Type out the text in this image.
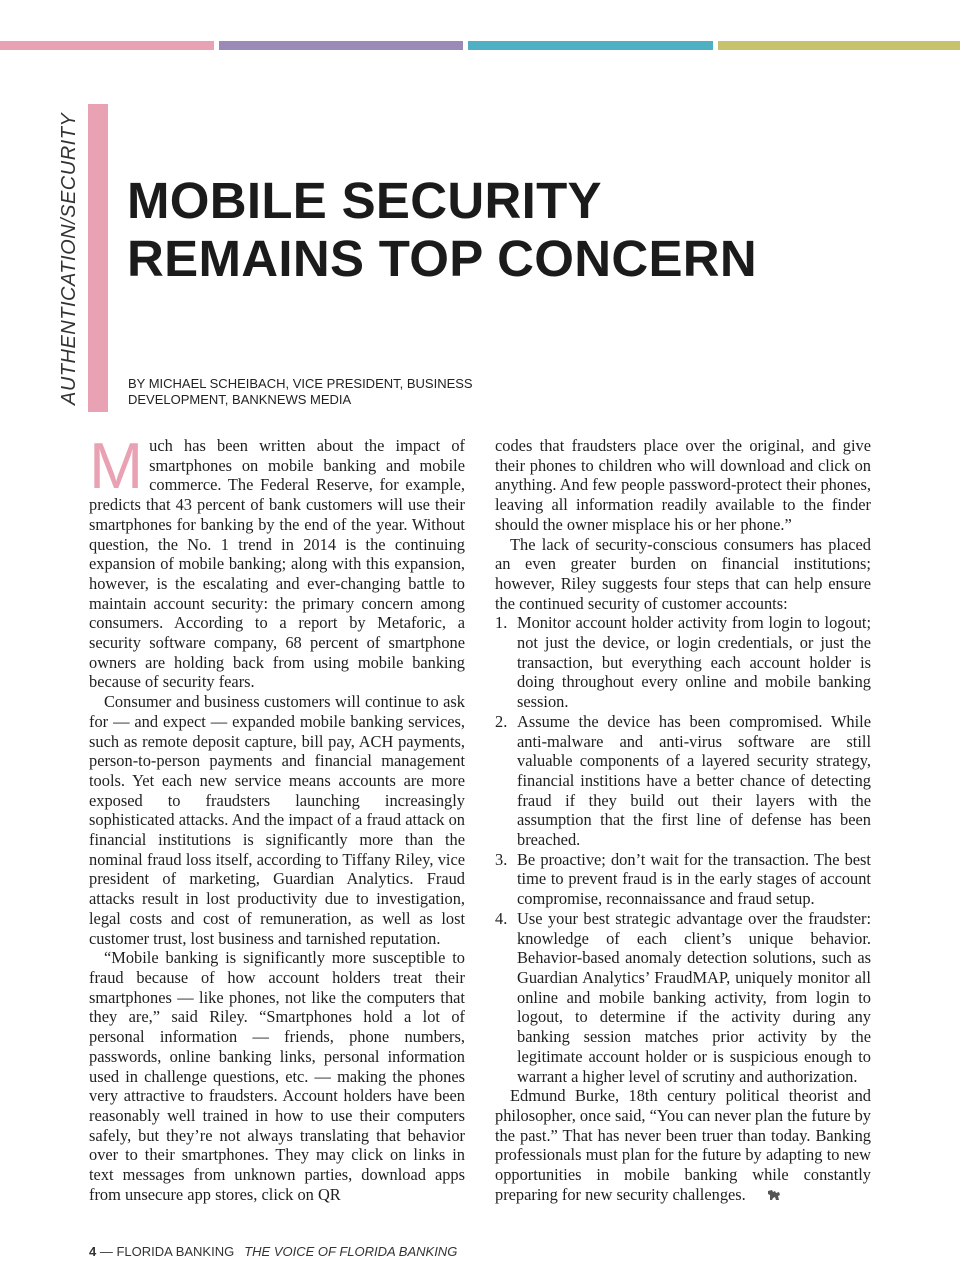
AUTHENTICATION/SECURITY MOBILE SECURITY
REMAINS TOP CONCERN
BY MICHAEL SCHEIBACH, VICE PRESIDENT, BUSINESS
DEVELOPMENT, BANKNEWS MEDIA

Much has been written about the impact of smartphones on mobile banking and mobile commerce. The Federal Reserve, for example, predicts that 43 percent of bank customers will use their smartphones for banking by the end of the year. Without question, the No. 1 trend in 2014 is the continuing expansion of mobile banking; along with this expansion, however, is the escalating and ever-changing battle to maintain account security: the primary concern among consumers. According to a report by Metaforic, a security software company, 68 percent of smartphone owners are holding back from using mobile banking because of security fears.

Consumer and business customers will continue to ask for — and expect — expanded mobile banking services, such as remote deposit capture, bill pay, ACH payments, person-to-person payments and financial management tools. Yet each new service means accounts are more exposed to fraudsters launching increasingly sophisticated attacks. And the impact of a fraud attack on financial institutions is significantly more than the nominal fraud loss itself, according to Tiffany Riley, vice president of marketing, Guardian Analytics. Fraud attacks result in lost productivity due to investigation, legal costs and cost of remuneration, as well as lost customer trust, lost business and tarnished reputation.

“Mobile banking is significantly more susceptible to fraud because of how account holders treat their smartphones — like phones, not like the computers that they are,” said Riley. “Smartphones hold a lot of personal information — friends, phone numbers, passwords, online banking links, personal information used in challenge questions, etc. — making the phones very attractive to fraudsters. Account holders have been reasonably well trained in how to use their computers safely, but they’re not always translating that behavior over to their smartphones. They may click on links in text messages from unknown parties, download apps from unsecure app stores, click on QR

codes that fraudsters place over the original, and give their phones to children who will download and click on anything. And few people password-protect their phones, leaving all information readily available to the finder should the owner misplace his or her phone.”

The lack of security-conscious consumers has placed an even greater burden on financial institutions; however, Riley suggests four steps that can help ensure the continued security of customer accounts:

1. Monitor account holder activity from login to logout; not just the device, or login credentials, or just the transaction, but everything each account holder is doing throughout every online and mobile banking session.
2. Assume the device has been compromised. While anti-malware and anti-virus software are still valuable components of a layered security strategy, financial institions have a better chance of detecting fraud if they build out their layers with the assumption that the first line of defense has been breached.
3. Be proactive; don’t wait for the transaction. The best time to prevent fraud is in the early stages of account compromise, reconnaissance and fraud setup.
4. Use your best strategic advantage over the fraudster: knowledge of each client’s unique behavior. Behavior-based anomaly detection solutions, such as Guardian Analytics’ FraudMAP, uniquely monitor all online and mobile banking activity, from login to logout, to determine if the activity during any banking session matches prior activity by the legitimate account holder or is suspicious enough to warrant a higher level of scrutiny and authorization.

Edmund Burke, 18th century political theorist and philosopher, once said, “You can never plan the future by the past.” That has never been truer than today. Banking professionals must plan for the future by adapting to new opportunities in mobile banking while constantly preparing for new security challenges.

4 — FLORIDA BANKING THE VOICE OF FLORIDA BANKING
